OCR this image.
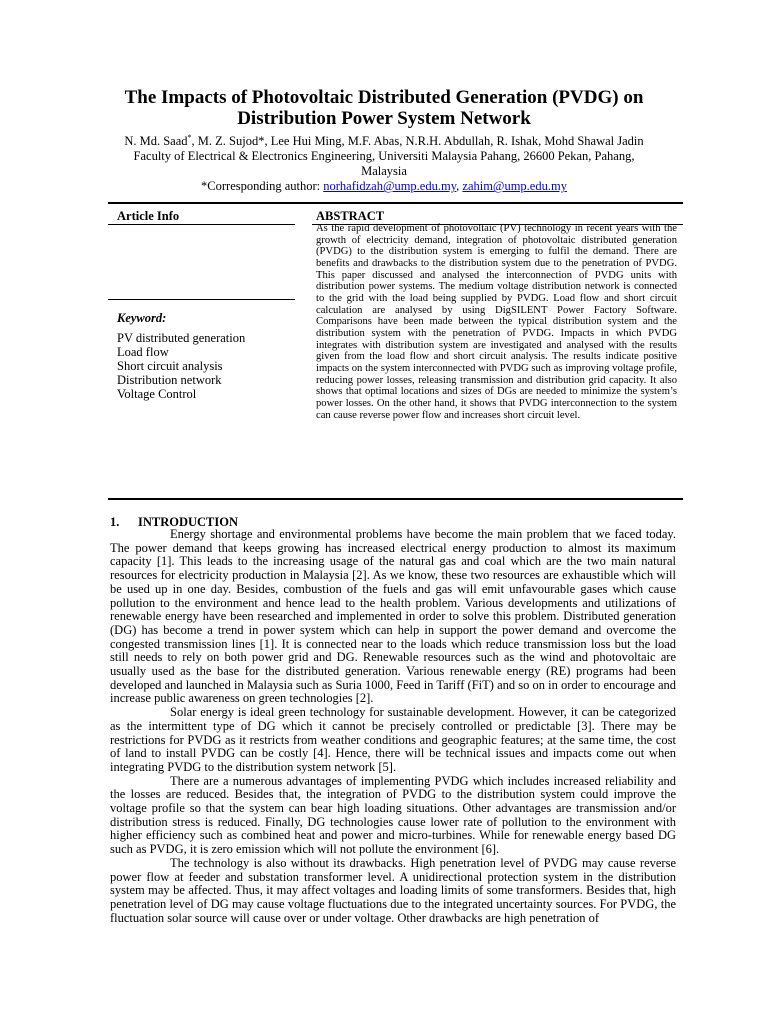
The Impacts of Photovoltaic Distributed Generation (PVDG) on
Distribution Power System Network
N. Md. Saad*, M. Z. Sujod*, Lee Hui Ming, M.F. Abas, N.R.H. Abdullah, R. Ishak, Mohd Shawal Jadin
Faculty of Electrical & Electronics Engineering, Universiti Malaysia Pahang, 26600 Pekan, Pahang,
Malaysia
*Corresponding author: norhafidzah@ump.edu.my, zahim@ump.edu.my
Article Info	ABSTRACT
Keyword:
PV distributed generation
Load flow
Short circuit analysis
Distribution network
Voltage Control

As the rapid development of photovoltaic (PV) technology in recent years with the growth of electricity demand, integration of photovoltaic distributed generation (PVDG) to the distribution system is emerging to fulfil the demand. There are benefits and drawbacks to the distribution system due to the penetration of PVDG. This paper discussed and analysed the interconnection of PVDG units with distribution power systems. The medium voltage distribution network is connected to the grid with the load being supplied by PVDG. Load flow and short circuit calculation are analysed by using DigSILENT Power Factory Software. Comparisons have been made between the typical distribution system and the distribution system with the penetration of PVDG. Impacts in which PVDG integrates with distribution system are investigated and analysed with the results given from the load flow and short circuit analysis. The results indicate positive impacts on the system interconnected with PVDG such as improving voltage profile, reducing power losses, releasing transmission and distribution grid capacity. It also shows that optimal locations and sizes of DGs are needed to minimize the system’s power losses. On the other hand, it shows that PVDG interconnection to the system can cause reverse power flow and increases short circuit level.

1. INTRODUCTION

Energy shortage and environmental problems have become the main problem that we faced today. The power demand that keeps growing has increased electrical energy production to almost its maximum capacity [1]. This leads to the increasing usage of the natural gas and coal which are the two main natural resources for electricity production in Malaysia [2]. As we know, these two resources are exhaustible which will be used up in one day. Besides, combustion of the fuels and gas will emit unfavourable gases which cause pollution to the environment and hence lead to the health problem. Various developments and utilizations of renewable energy have been researched and implemented in order to solve this problem. Distributed generation (DG) has become a trend in power system which can help in support the power demand and overcome the congested transmission lines [1]. It is connected near to the loads which reduce transmission loss but the load still needs to rely on both power grid and DG. Renewable resources such as the wind and photovoltaic are usually used as the base for the distributed generation. Various renewable energy (RE) programs had been developed and launched in Malaysia such as Suria 1000, Feed in Tariff (FiT) and so on in order to encourage and increase public awareness on green technologies [2].

Solar energy is ideal green technology for sustainable development. However, it can be categorized as the intermittent type of DG which it cannot be precisely controlled or predictable [3]. There may be restrictions for PVDG as it restricts from weather conditions and geographic features; at the same time, the cost of land to install PVDG can be costly [4]. Hence, there will be technical issues and impacts come out when integrating PVDG to the distribution system network [5].

There are a numerous advantages of implementing PVDG which includes increased reliability and the losses are reduced. Besides that, the integration of PVDG to the distribution system could improve the voltage profile so that the system can bear high loading situations. Other advantages are transmission and/or distribution stress is reduced. Finally, DG technologies cause lower rate of pollution to the environment with higher efficiency such as combined heat and power and micro-turbines. While for renewable energy based DG such as PVDG, it is zero emission which will not pollute the environment [6].

The technology is also without its drawbacks. High penetration level of PVDG may cause reverse power flow at feeder and substation transformer level. A unidirectional protection system in the distribution system may be affected. Thus, it may affect voltages and loading limits of some transformers. Besides that, high penetration level of DG may cause voltage fluctuations due to the integrated uncertainty sources. For PVDG, the fluctuation solar source will cause over or under voltage. Other drawbacks are high penetration of
